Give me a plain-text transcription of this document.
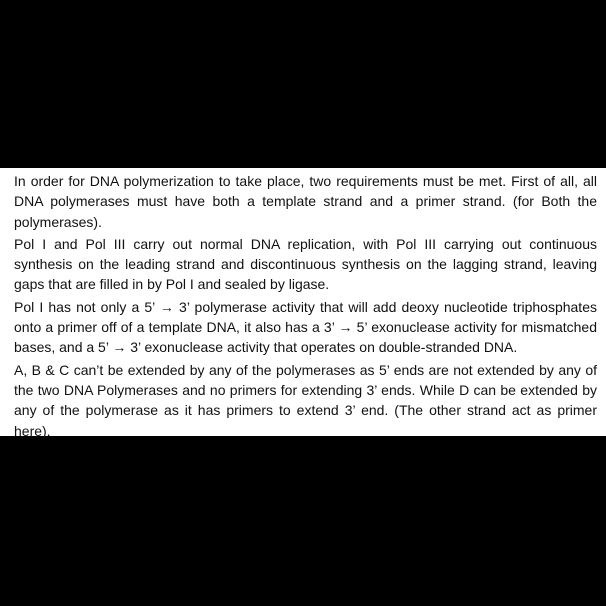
In order for DNA polymerization to take place, two requirements must be met. First of all, all DNA polymerases must have both a template strand and a primer strand. (for Both the polymerases).

Pol I and Pol III carry out normal DNA replication, with Pol III carrying out continuous synthesis on the leading strand and discontinuous synthesis on the lagging strand, leaving gaps that are filled in by Pol I and sealed by ligase.

Pol I has not only a 5’ → 3’ polymerase activity that will add deoxy nucleotide triphosphates onto a primer off of a template DNA, it also has a 3’ → 5’ exonuclease activity for mismatched bases, and a 5’ → 3’ exonuclease activity that operates on double-stranded DNA.

A, B & C can’t be extended by any of the polymerases as 5’ ends are not extended by any of the two DNA Polymerases and no primers for extending 3’ ends. While D can be extended by any of the polymerase as it has primers to extend 3’ end. (The other strand act as primer here).
